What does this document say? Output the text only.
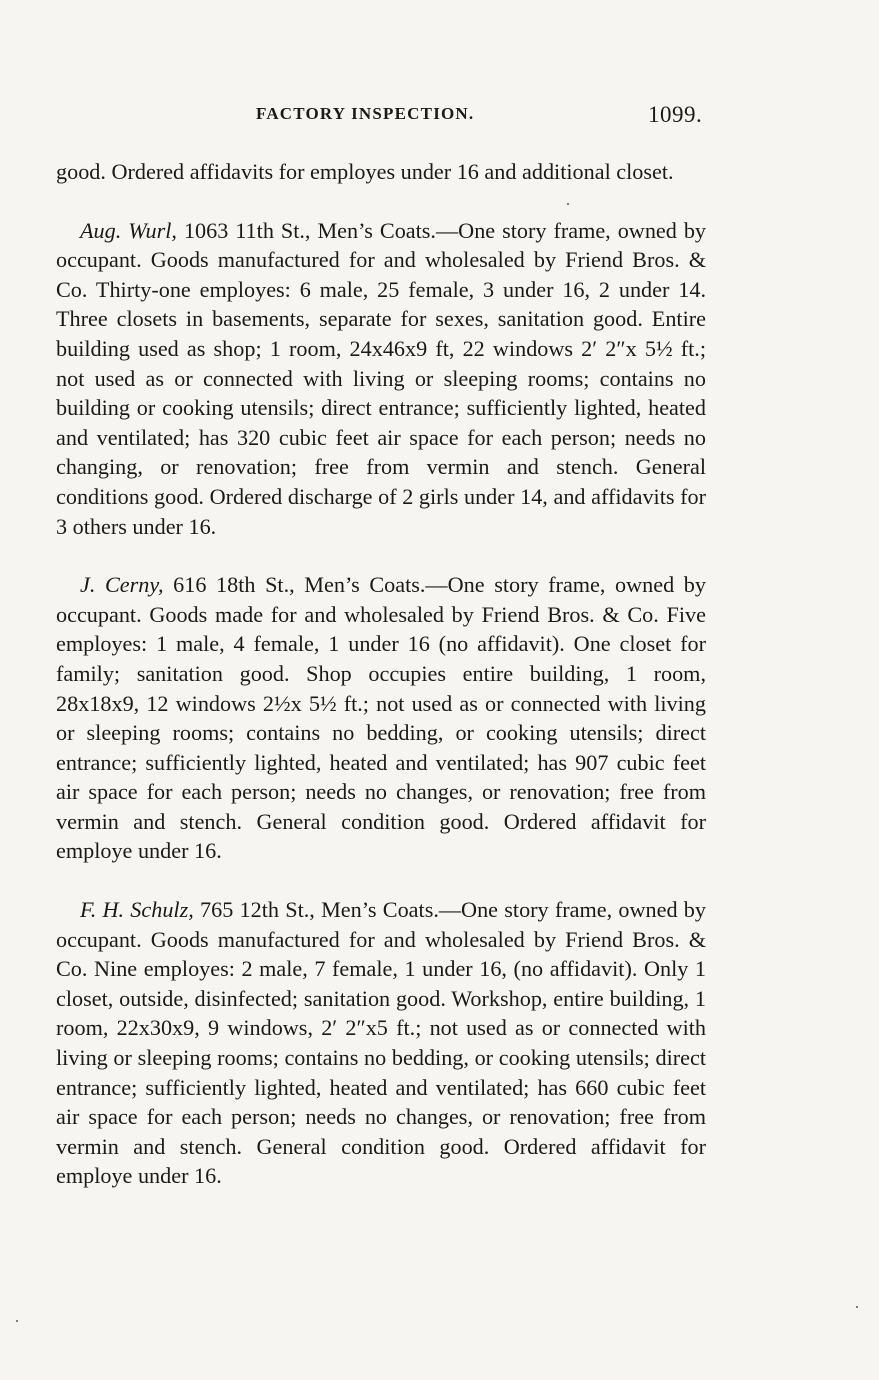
FACTORY INSPECTION.	1099.

good. Ordered affidavits for employes under 16 and additional closet.

Aug. Wurl, 1063 11th St., Men’s Coats.—One story frame, owned by occupant. Goods manufactured for and wholesaled by Friend Bros. & Co. Thirty-one employes: 6 male, 25 female, 3 under 16, 2 under 14. Three closets in basements, separate for sexes, sanitation good. Entire building used as shop; 1 room, 24x46x9 ft, 22 windows 2′ 2″x 5½ ft.; not used as or connected with living or sleeping rooms; contains no building or cooking utensils; direct entrance; sufficiently lighted, heated and ventilated; has 320 cubic feet air space for each person; needs no changing, or renovation; free from vermin and stench. General conditions good. Ordered discharge of 2 girls under 14, and affidavits for 3 others under 16.

J. Cerny, 616 18th St., Men’s Coats.—One story frame, owned by occupant. Goods made for and wholesaled by Friend Bros. & Co. Five employes: 1 male, 4 female, 1 under 16 (no affidavit). One closet for family; sanitation good. Shop occupies entire building, 1 room, 28x18x9, 12 windows 2½x 5½ ft.; not used as or connected with living or sleeping rooms; contains no bedding, or cooking utensils; direct entrance; sufficiently lighted, heated and ventilated; has 907 cubic feet air space for each person; needs no changes, or renovation; free from vermin and stench. General condition good. Ordered affidavit for employe under 16.

F. H. Schulz, 765 12th St., Men’s Coats.—One story frame, owned by occupant. Goods manufactured for and wholesaled by Friend Bros. & Co. Nine employes: 2 male, 7 female, 1 under 16, (no affidavit). Only 1 closet, outside, disinfected; sanitation good. Workshop, entire building, 1 room, 22x30x9, 9 windows, 2′ 2″x5 ft.; not used as or connected with living or sleeping rooms; contains no bedding, or cooking utensils; direct entrance; sufficiently lighted, heated and ventilated; has 660 cubic feet air space for each person; needs no changes, or renovation; free from vermin and stench. General condition good. Ordered affidavit for employe under 16.
